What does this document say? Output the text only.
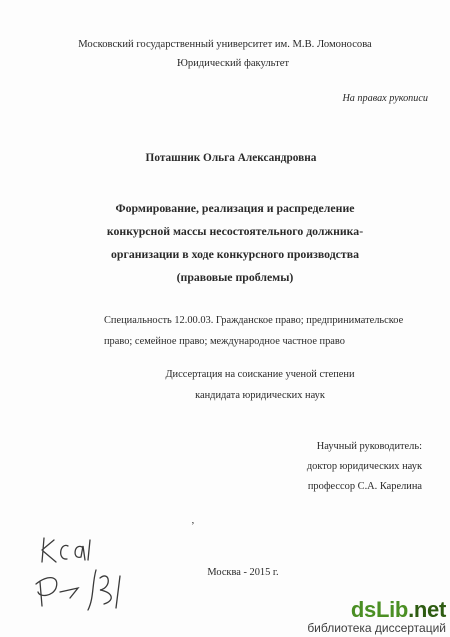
Московский государственный университет им. М.В. Ломоносова
Юридический факультет
На правах рукописи
Поташник Ольга Александровна
Формирование, реализация и распределение
конкурсной массы несостоятельного должника-
организации в ходе конкурсного производства
(правовые проблемы)
Специальность 12.00.03. Гражданское право; предпринимательское
право; семейное право; международное частное право
Диссертация на соискание ученой степени
кандидата юридических наук
Научный руководитель:
доктор юридических наук
профессор С.А. Карелина
ʼ
Москва - 2015 г.
dsLib.net
библиотека диссертаций
